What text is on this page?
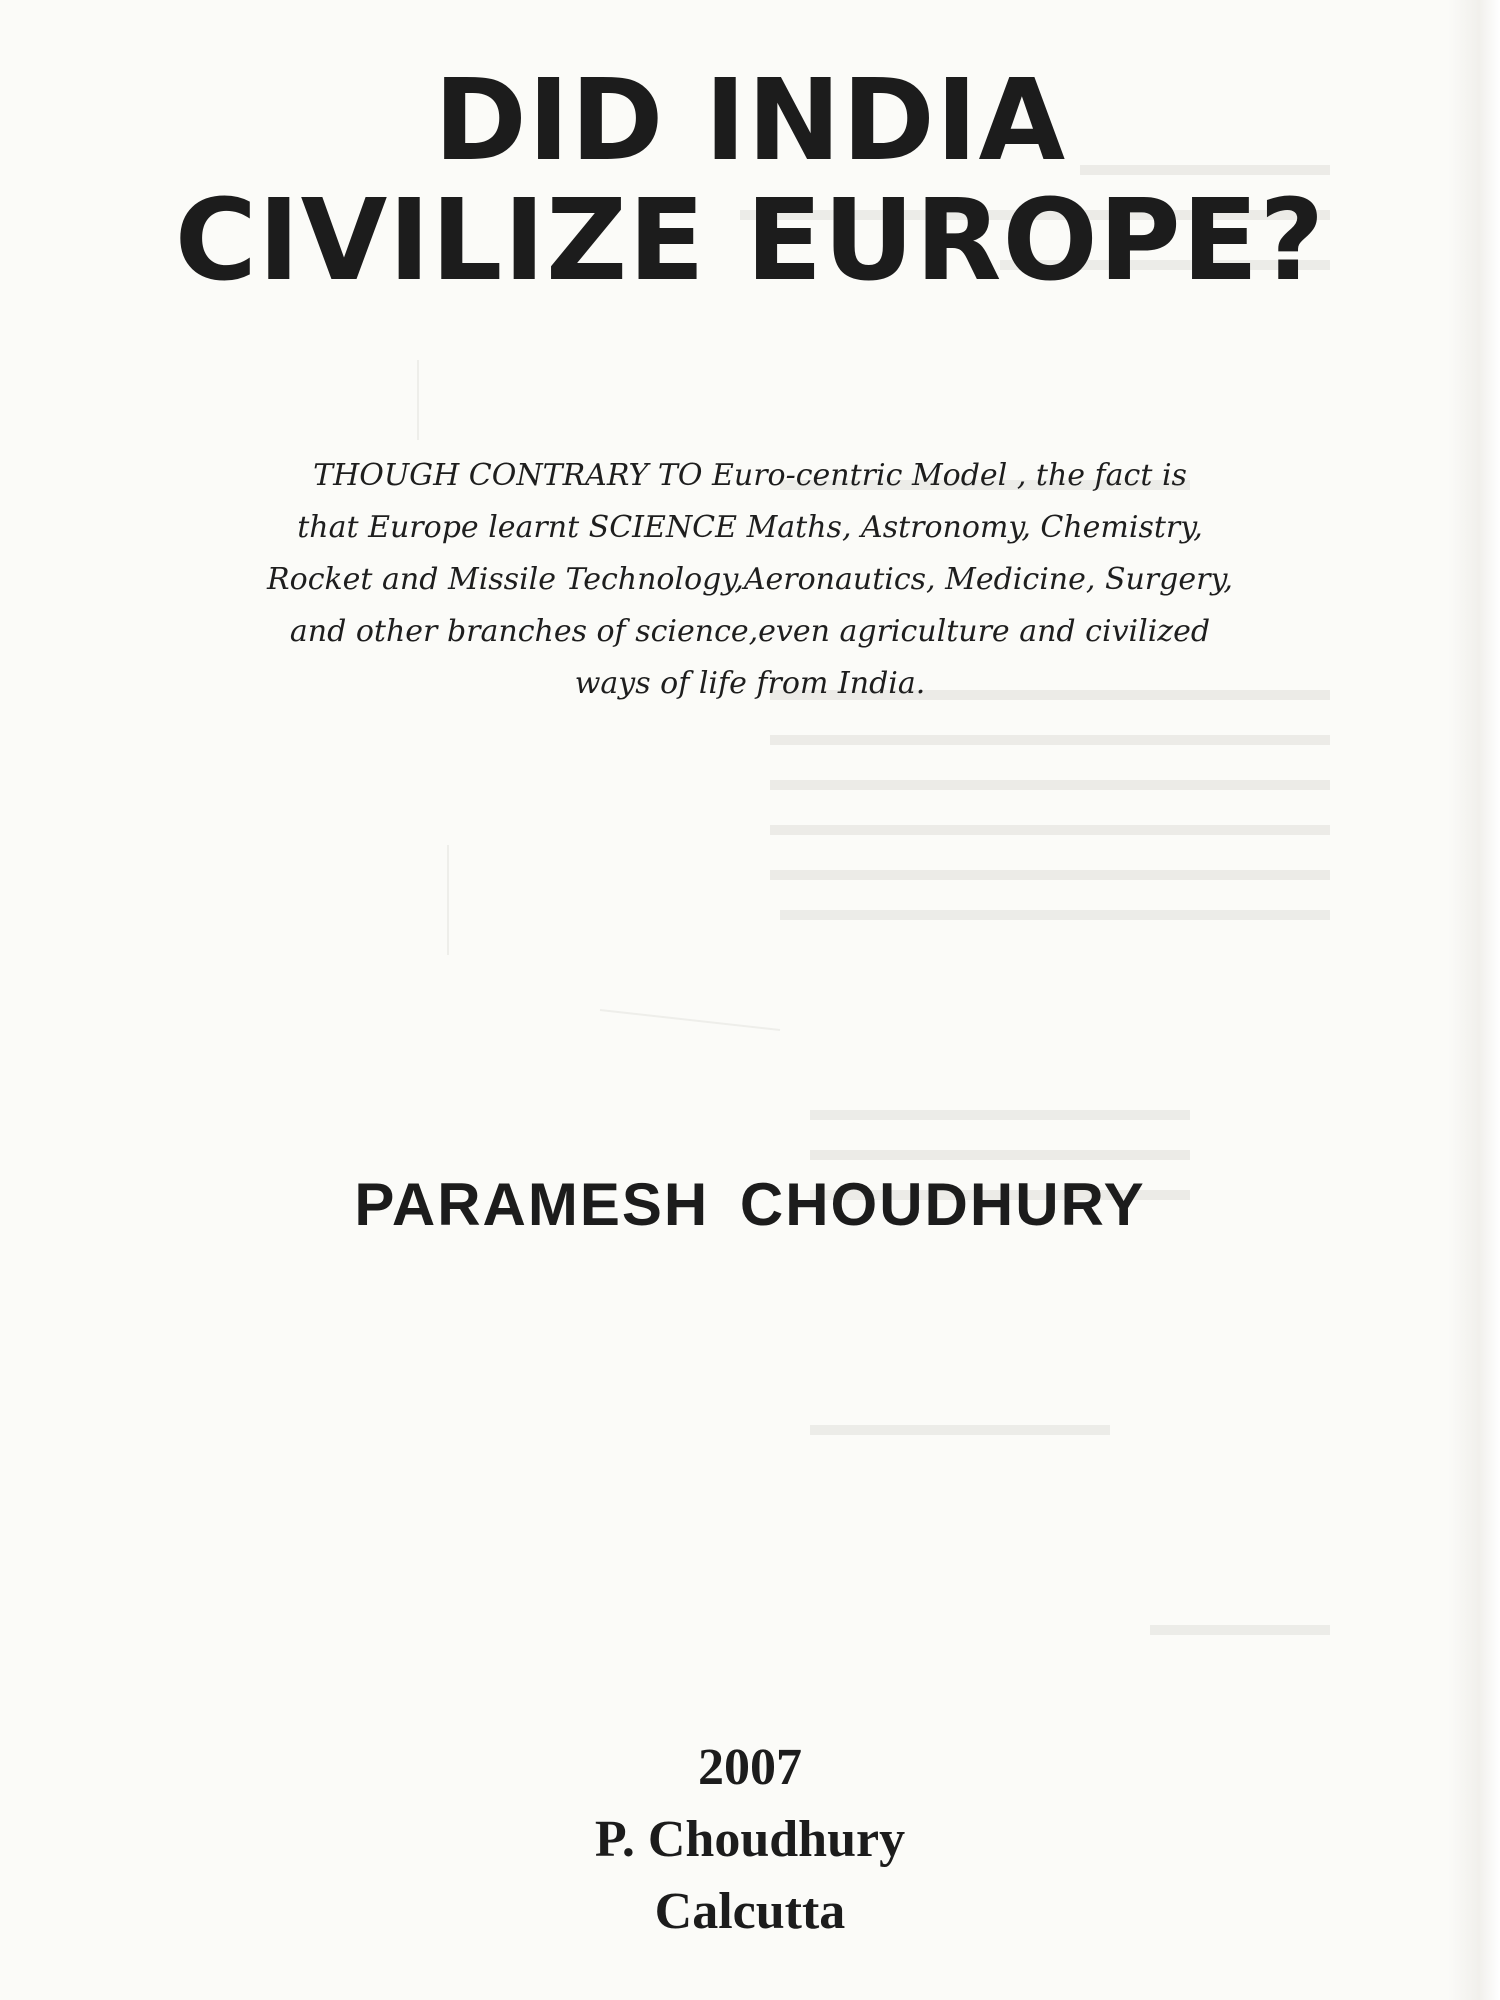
DID INDIA
CIVILIZE EUROPE?
THOUGH CONTRARY TO Euro-centric Model , the fact is
that Europe learnt SCIENCE Maths, Astronomy, Chemistry,
Rocket and Missile Technology,Aeronautics, Medicine, Surgery,
and other branches of science,even agriculture and civilized
ways of life from India.
PARAMESH CHOUDHURY
2007
P. Choudhury
Calcutta
